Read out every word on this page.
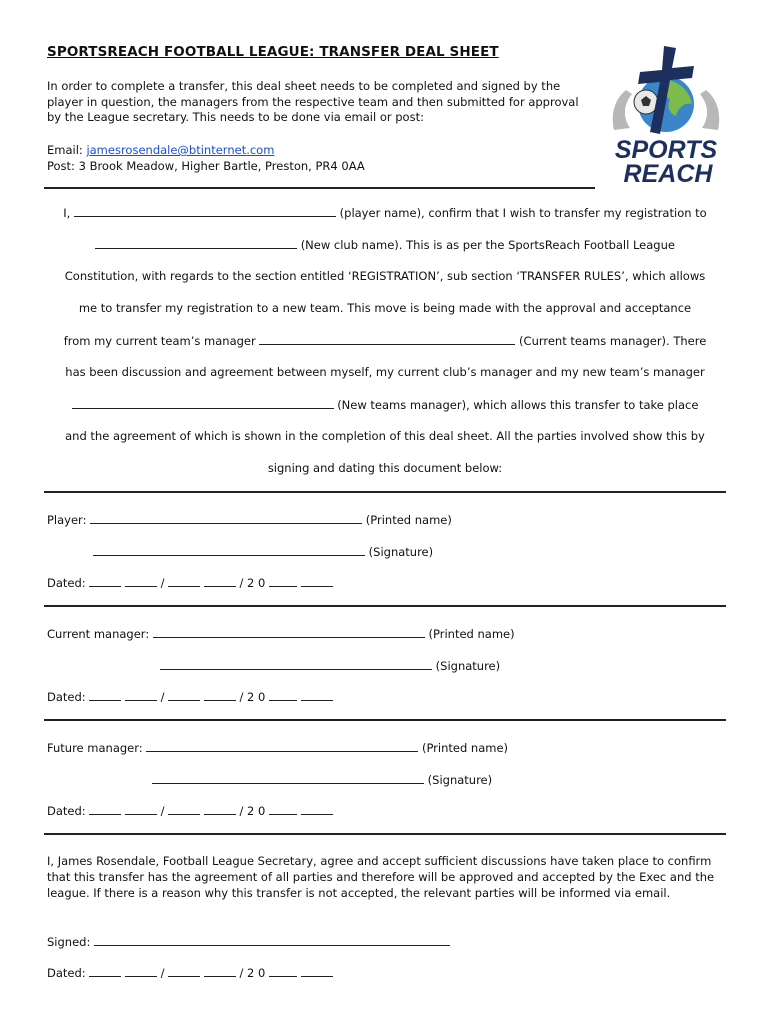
SPORTSREACH FOOTBALL LEAGUE: TRANSFER DEAL SHEET
In order to complete a transfer, this deal sheet needs to be completed and signed by the player in question, the managers from the respective team and then submitted for approval by the League secretary. This needs to be done via email or post:
Email: jamesrosendale@btinternet.com
Post: 3 Brook Meadow, Higher Bartle, Preston, PR4 0AA
SPORTS
REACH
I,	(player name), confirm that I wish to transfer my registration to
(New club name). This is as per the SportsReach Football League
Constitution, with regards to the section entitled ‘REGISTRATION’, sub section ‘TRANSFER RULES’, which allows
me to transfer my registration to a new team. This move is being made with the approval and acceptance
from my current team’s manager	(Current teams manager). There
has been discussion and agreement between myself, my current club’s manager and my new team’s manager
(New teams manager), which allows this transfer to take place
and the agreement of which is shown in the completion of this deal sheet. All the parties involved show this by
signing and dating this document below:
Player:	(Printed name)
(Signature)
Dated:	/	/ 2 0
Current manager:	(Printed name)
(Signature)
Dated:	/	/ 2 0
Future manager:	(Printed name)
(Signature)
Dated:	/	/ 2 0
I, James Rosendale, Football League Secretary, agree and accept sufficient discussions have taken place to confirm that this transfer has the agreement of all parties and therefore will be approved and accepted by the Exec and the league. If there is a reason why this transfer is not accepted, the relevant parties will be informed via email.
Signed:
Dated:	/	/ 2 0
